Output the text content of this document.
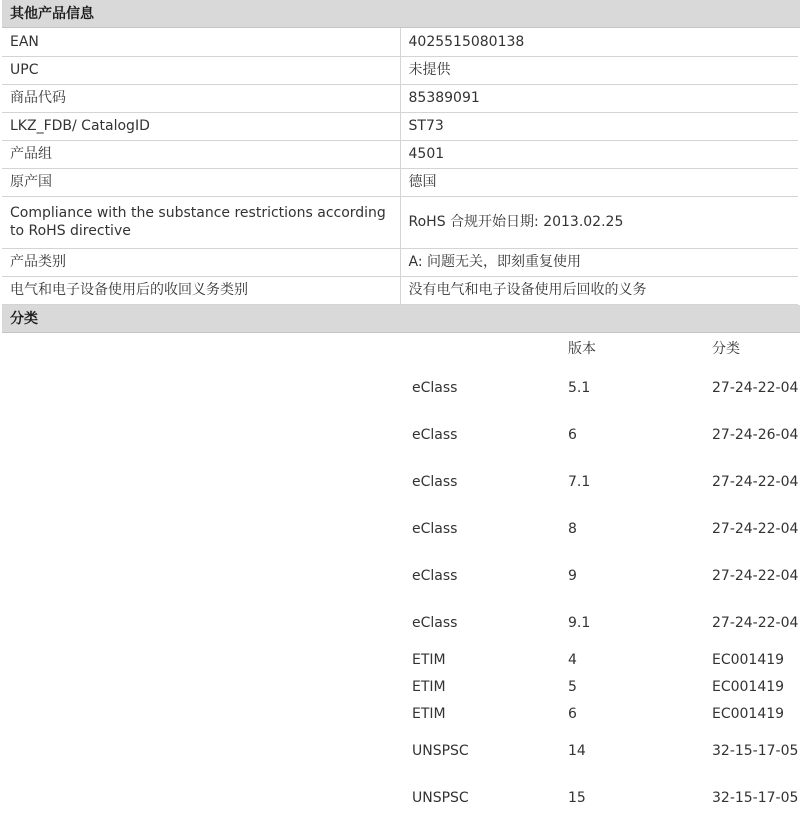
其他产品信息
EAN	4025515080138
UPC	未提供
商品代码	85389091
LKZ_FDB/ CatalogID	ST73
产品组	4501
原产国	德国
Compliance with the substance restrictions according to RoHS directive	RoHS 合规开始日期: 2013.02.25
产品类别	A: 问题无关，即刻重复使用
电气和电子设备使用后的收回义务类别	没有电气和电子设备使用后回收的义务
分类
	版本	分类
eClass	5.1	27-24-22-04
eClass	6	27-24-26-04
eClass	7.1	27-24-22-04
eClass	8	27-24-22-04
eClass	9	27-24-22-04
eClass	9.1	27-24-22-04
ETIM	4	EC001419
ETIM	5	EC001419
ETIM	6	EC001419
UNSPSC	14	32-15-17-05
UNSPSC	15	32-15-17-05
